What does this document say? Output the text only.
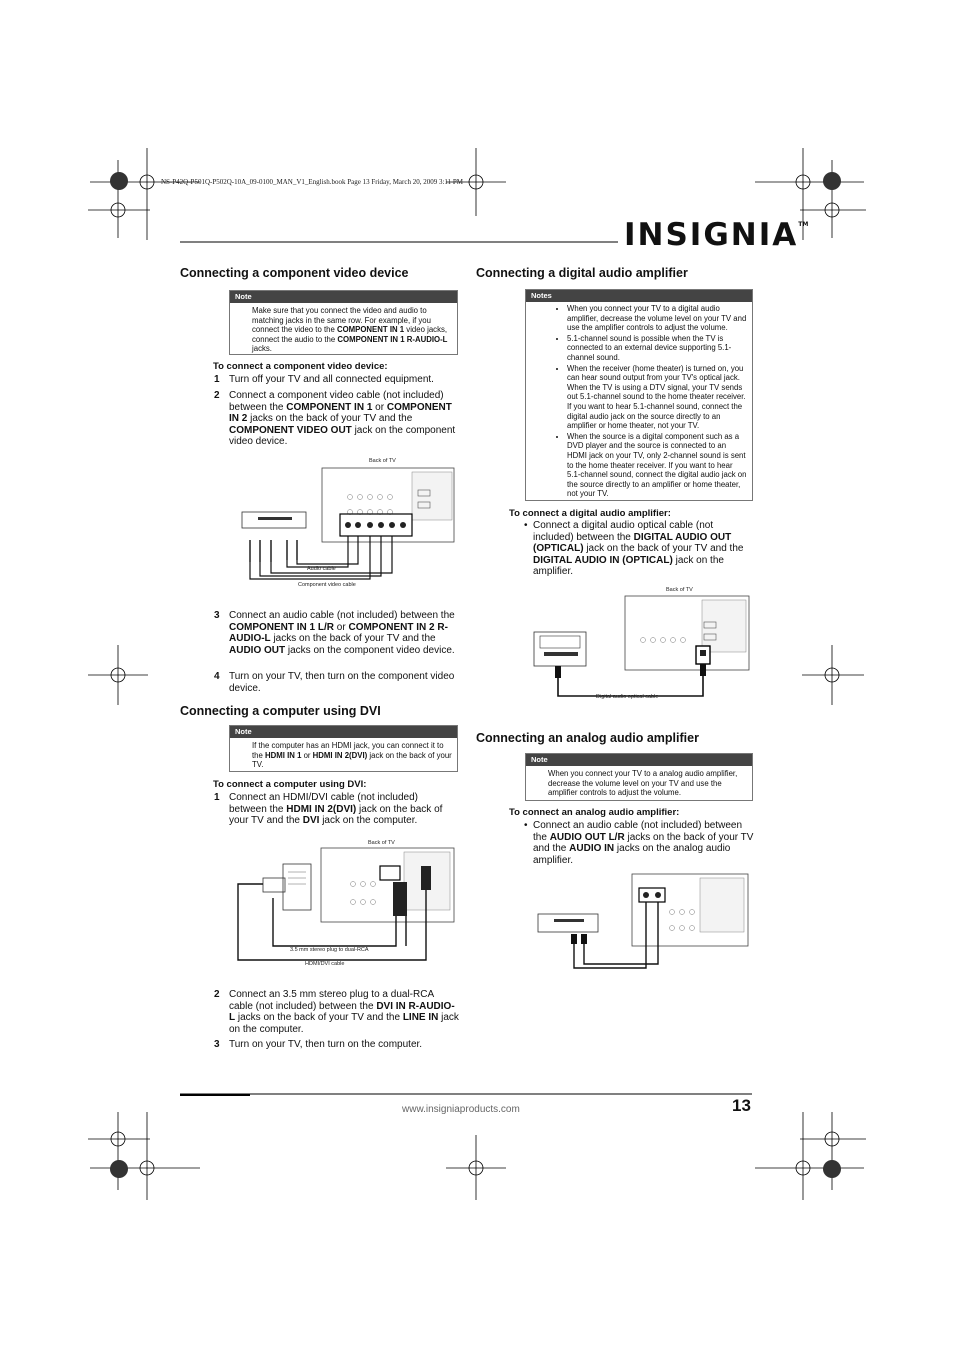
NS-P42Q-P501Q-P502Q-10A_09-0100_MAN_V1_English.book Page 13 Friday, March 20, 2009 3:11 PM
INSIGNIA™
Connecting a component video device
Note
Make sure that you connect the video and audio to matching jacks in the same row. For example, if you connect the video to the COMPONENT IN 1 video jacks, connect the audio to the COMPONENT IN 1 R-AUDIO-L jacks.
To connect a component video device:
1 Turn off your TV and all connected equipment.
2 Connect a component video cable (not included) between the COMPONENT IN 1 or COMPONENT IN 2 jacks on the back of your TV and the COMPONENT VIDEO OUT jack on the component video device.
Back of TV
Audio cable
Component video cable
3 Connect an audio cable (not included) between the COMPONENT IN 1 L/R or COMPONENT IN 2 R-AUDIO-L jacks on the back of your TV and the AUDIO OUT jacks on the component video device.
4 Turn on your TV, then turn on the component video device.
Connecting a computer using DVI
Note
If the computer has an HDMI jack, you can connect it to the HDMI IN 1 or HDMI IN 2(DVI) jack on the back of your TV.
To connect a computer using DVI:
1 Connect an HDMI/DVI cable (not included) between the HDMI IN 2(DVI) jack on the back of your TV and the DVI jack on the computer.
Back of TV
3.5 mm stereo plug to dual-RCA
HDMI/DVI cable
2 Connect an 3.5 mm stereo plug to a dual-RCA cable (not included) between the DVI IN R-AUDIO-L jacks on the back of your TV and the LINE IN jack on the computer.
3 Turn on your TV, then turn on the computer.
Connecting a digital audio amplifier
Notes
• When you connect your TV to a digital audio amplifier, decrease the volume level on your TV and use the amplifier controls to adjust the volume.
• 5.1-channel sound is possible when the TV is connected to an external device supporting 5.1-channel sound.
• When the receiver (home theater) is turned on, you can hear sound output from your TV's optical jack. When the TV is using a DTV signal, your TV sends out 5.1-channel sound to the home theater receiver. If you want to hear 5.1-channel sound, connect the digital audio jack on the source directly to an amplifier or home theater, not your TV.
• When the source is a digital component such as a DVD player and the source is connected to an HDMI jack on your TV, only 2-channel sound is sent to the home theater receiver. If you want to hear 5.1-channel sound, connect the digital audio jack on the source directly to an amplifier or home theater, not your TV.
To connect a digital audio amplifier:
• Connect a digital audio optical cable (not included) between the DIGITAL AUDIO OUT (OPTICAL) jack on the back of your TV and the DIGITAL AUDIO IN (OPTICAL) jack on the amplifier.
Back of TV
Digital audio optical cable
Connecting an analog audio amplifier
Note
When you connect your TV to a analog audio amplifier, decrease the volume level on your TV and use the amplifier controls to adjust the volume.
To connect an analog audio amplifier:
• Connect an audio cable (not included) between the AUDIO OUT L/R jacks on the back of your TV and the AUDIO IN jacks on the analog audio amplifier.
www.insigniaproducts.com	13
